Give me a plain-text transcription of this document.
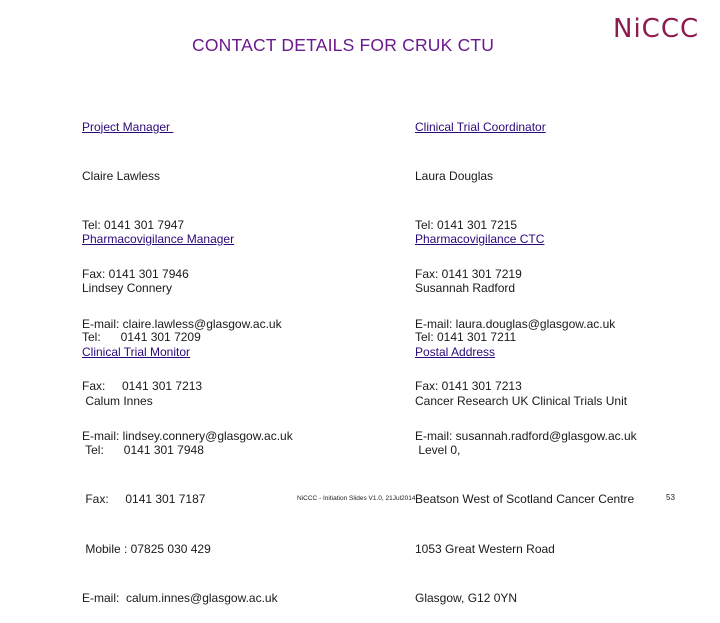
CONTACT DETAILS FOR CRUK CTU
NiCCC

Project Manager

Claire Lawless

Tel: 0141 301 7947

Fax: 0141 301 7946

E-mail: claire.lawless@glasgow.ac.uk

Clinical Trial Coordinator

Laura Douglas

Tel: 0141 301 7215

Fax: 0141 301 7219

E-mail: laura.douglas@glasgow.ac.uk

Pharmacovigilance Manager

Lindsey Connery

Tel:      0141 301 7209

Fax:     0141 301 7213

E-mail: lindsey.connery@glasgow.ac.uk

Pharmacovigilance CTC

Susannah Radford

Tel: 0141 301 7211

Fax: 0141 301 7213

E-mail: susannah.radford@glasgow.ac.uk

Clinical Trial Monitor

Calum Innes

Tel:      0141 301 7948

Fax:     0141 301 7187

Mobile : 07825 030 429

E-mail:  calum.innes@glasgow.ac.uk

Postal Address

Cancer Research UK Clinical Trials Unit

Level 0,

Beatson West of Scotland Cancer Centre

1053 Great Western Road

Glasgow, G12 0YN

NiCCC - Initiation Slides V1.0, 21Jul2014	53
